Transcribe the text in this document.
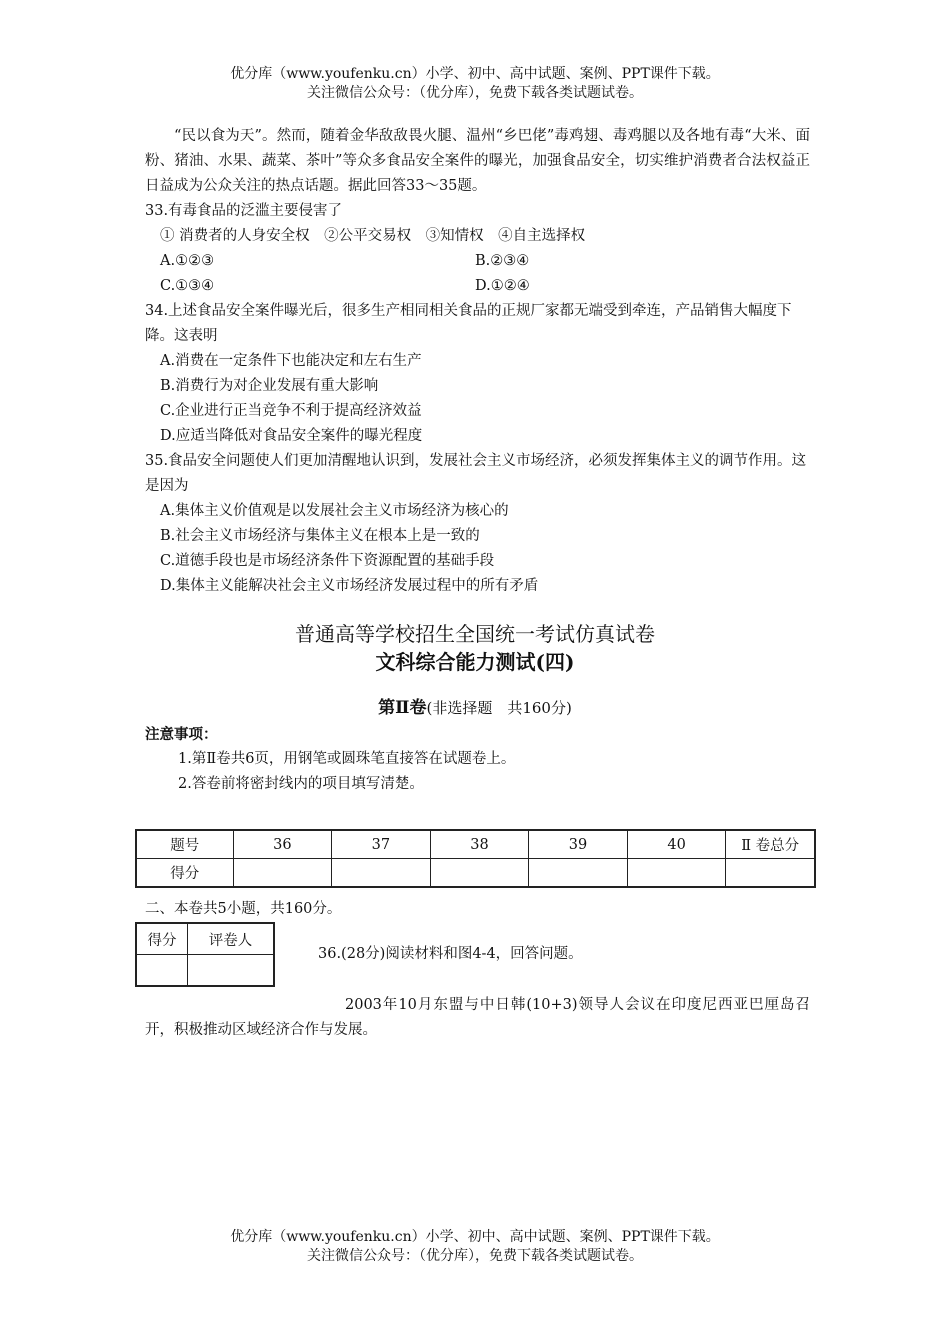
优分库（www.youfenku.cn）小学、初中、高中试题、案例、PPT课件下载。
关注微信公众号：（优分库），免费下载各类试题试卷。

“民以食为天”。然而，随着金华敌敌畏火腿、温州“乡巴佬”毒鸡翅、毒鸡腿以及各地有毒“大米、面粉、猪油、水果、蔬菜、茶叶”等众多食品安全案件的曝光，加强食品安全，切实维护消费者合法权益正日益成为公众关注的热点话题。据此回答33～35题。

33.有毒食品的泛滥主要侵害了

① 消费者的人身安全权　②公平交易权　③知情权　④自主选择权

A.①②③	B.②③④
C.①③④	D.①②④

34.上述食品安全案件曝光后，很多生产相同相关食品的正规厂家都无端受到牵连，产品销售大幅度下降。这表明

A.消费在一定条件下也能决定和左右生产

B.消费行为对企业发展有重大影响

C.企业进行正当竞争不利于提高经济效益

D.应适当降低对食品安全案件的曝光程度

35.食品安全问题使人们更加清醒地认识到，发展社会主义市场经济，必须发挥集体主义的调节作用。这是因为

A.集体主义价值观是以发展社会主义市场经济为核心的

B.社会主义市场经济与集体主义在根本上是一致的

C.道德手段也是市场经济条件下资源配置的基础手段

D.集体主义能解决社会主义市场经济发展过程中的所有矛盾

普通高等学校招生全国统一考试仿真试卷
文科综合能力测试(四)
第Ⅱ卷(非选择题　共160分)
注意事项：
1.第Ⅱ卷共6页，用钢笔或圆珠笔直接答在试题卷上。
2.答卷前将密封线内的项目填写清楚。
题号	36	37	38	39	40	Ⅱ 卷总分
得分						
二、本卷共5小题，共160分。
得分	评卷人

36.(28分)阅读材料和图4-4，回答问题。
2003年10月东盟与中日韩(10+3)领导人会议在印度尼西亚巴厘岛召开，积极推动区域经济合作与发展。
优分库（www.youfenku.cn）小学、初中、高中试题、案例、PPT课件下载。
关注微信公众号：（优分库），免费下载各类试题试卷。
